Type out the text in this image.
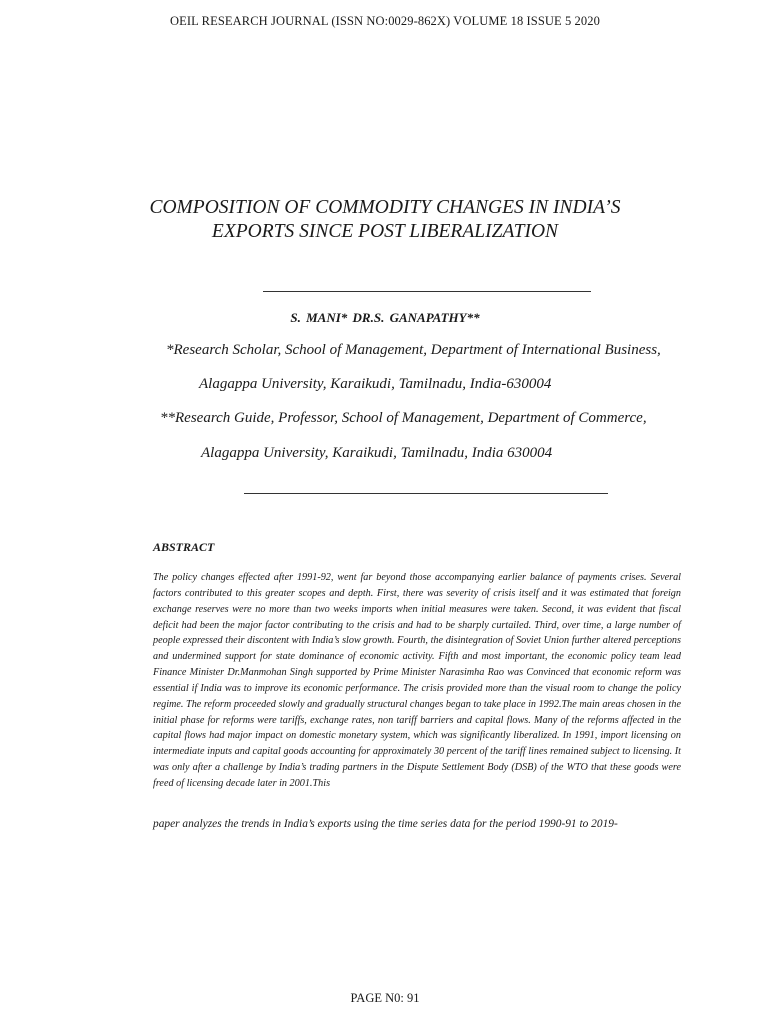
OEIL RESEARCH JOURNAL (ISSN NO:0029-862X) VOLUME 18 ISSUE 5 2020
COMPOSITION OF COMMODITY CHANGES IN INDIA’S
EXPORTS SINCE POST LIBERALIZATION
S. MANI* DR.S. GANAPATHY**
*Research Scholar, School of Management, Department of International Business,
Alagappa University, Karaikudi, Tamilnadu, India-630004
**Research Guide, Professor, School of Management, Department of Commerce,
Alagappa University, Karaikudi, Tamilnadu, India 630004
ABSTRACT

The policy changes effected after 1991-92, went far beyond those accompanying earlier balance of payments crises. Several factors contributed to this greater scopes and depth. First, there was severity of crisis itself and it was estimated that foreign exchange reserves were no more than two weeks imports when initial measures were taken. Second, it was evident that fiscal deficit had been the major factor contributing to the crisis and had to be sharply curtailed. Third, over time, a large number of people expressed their discontent with India’s slow growth. Fourth, the disintegration of Soviet Union further altered perceptions and undermined support for state dominance of economic activity. Fifth and most important, the economic policy team lead Finance Minister Dr.Manmohan Singh supported by Prime Minister Narasimha Rao was Convinced that economic reform was essential if India was to improve its economic performance. The crisis provided more than the visual room to change the policy regime. The reform proceeded slowly and gradually structural changes began to take place in 1992.The main areas chosen in the initial phase for reforms were tariffs, exchange rates, non tariff barriers and capital flows. Many of the reforms affected in the capital flows had major impact on domestic monetary system, which was significantly liberalized. In 1991, import licensing on intermediate inputs and capital goods accounting for approximately 30 percent of the tariff lines remained subject to licensing. It was only after a challenge by India’s trading partners in the Dispute Settlement Body (DSB) of the WTO that these goods were freed of licensing decade later in 2001.This

paper analyzes the trends in India’s exports using the time series data for the period 1990-91 to 2019-
PAGE N0: 91
